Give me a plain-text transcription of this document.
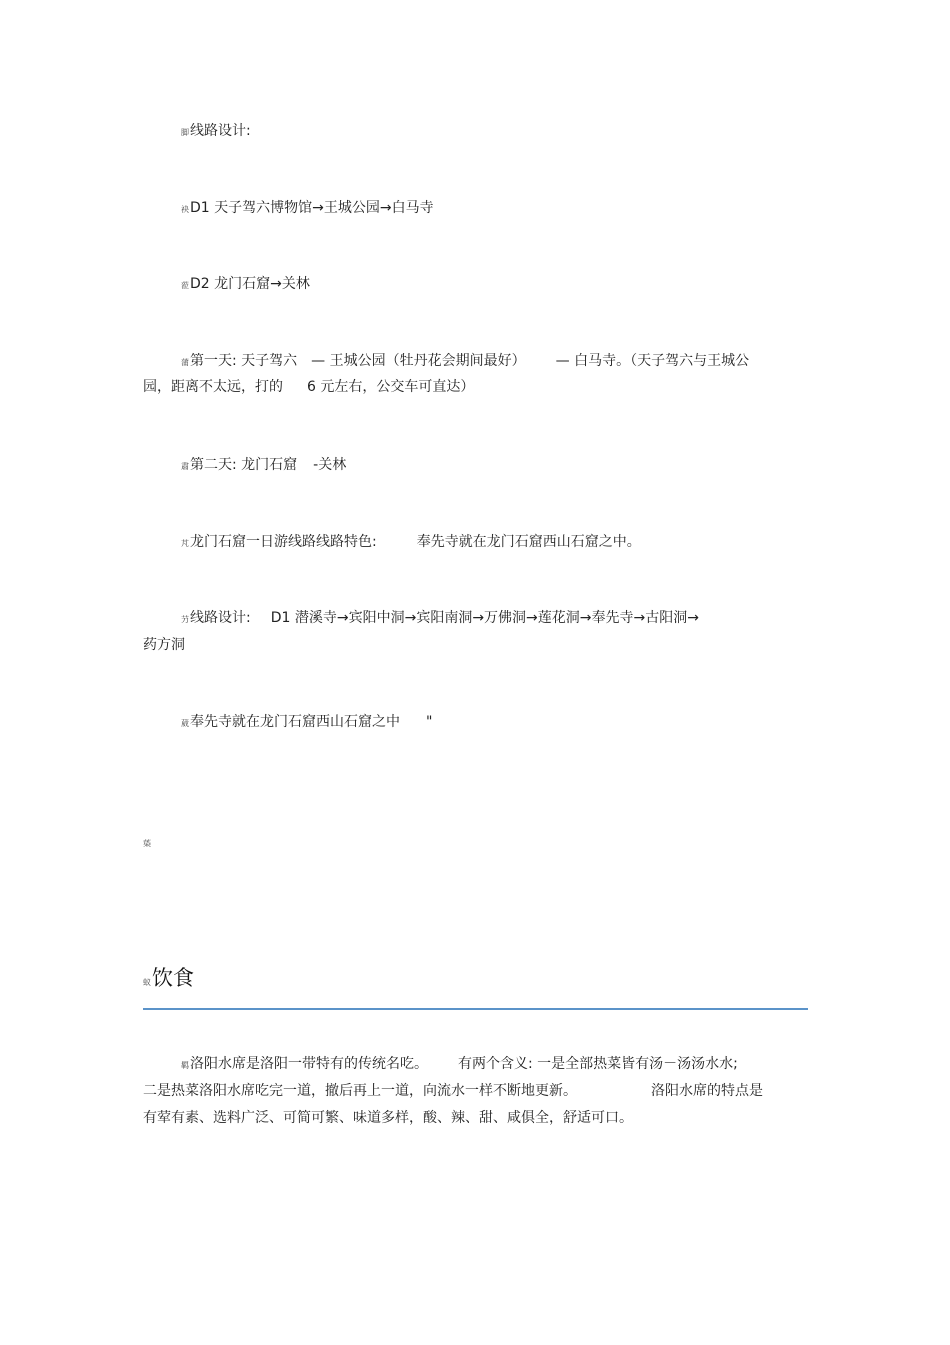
脚线路设计:
袂D1 天子驾六博物馆→王城公园→白马寺
蒞D2 龙门石窟→关林
蒲第一天: 天子驾六 — 王城公园（牡丹花会期间最好） — 白马寺。（天子驾六与王城公
园，距离不太远，打的 6 元左右，公交车可直达）
肅第二天: 龙门石窟 -关林
芃龙门石窟一日游线路线路特色:	奉先寺就在龙门石窟西山石窟之中。
芀线路设计: D1 潜溪寺→宾阳中洞→宾阳南洞→万佛洞→莲花洞→奉先寺→古阳洞→
药方洞
葳奉先寺就在龙门石窟西山石窟之中 "
蒅
蚁饮食
羁洛阳水席是洛阳一带特有的传统名吃。 有两个含义: 一是全部热菜皆有汤－汤汤水水;
二是热菜洛阳水席吃完一道，撤后再上一道，向流水一样不断地更新。	洛阳水席的特点是
有荤有素、选料广泛、可简可繁、味道多样，酸、辣、甜、咸俱全，舒适可口。
